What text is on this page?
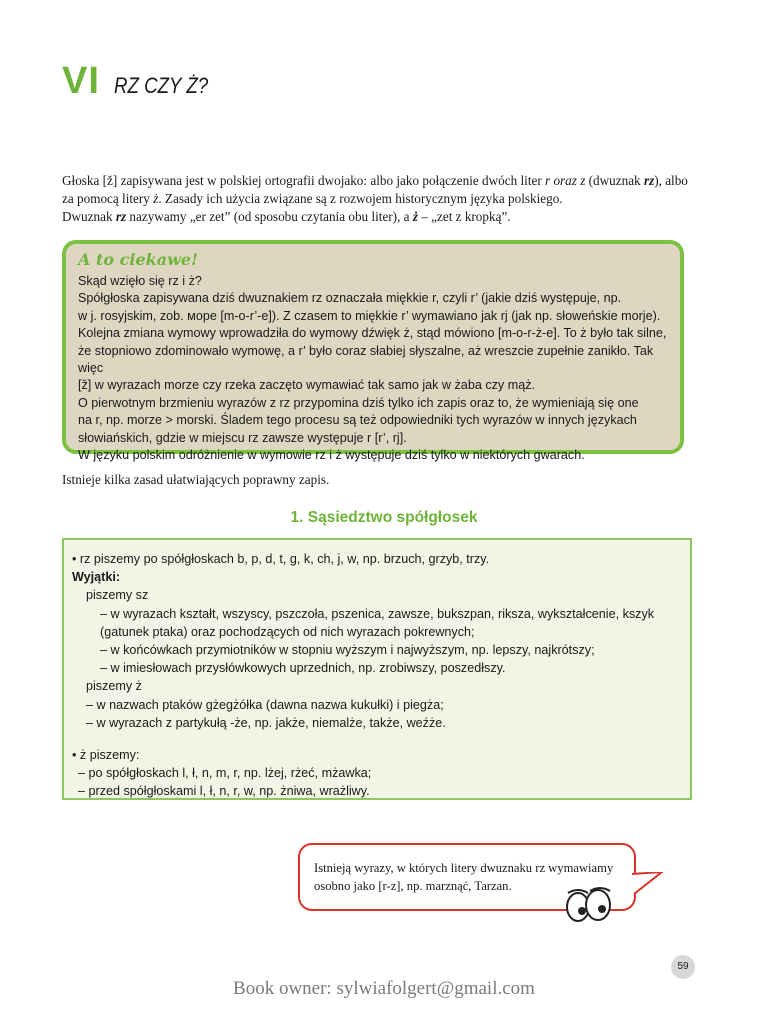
VI RZ CZY Ż?

Głoska [ž] zapisywana jest w polskiej ortografii dwojako: albo jako połączenie dwóch liter r oraz z (dwuznak rz), albo

za pomocą litery ż. Zasady ich użycia związane są z rozwojem historycznym języka polskiego.

Dwuznak rz nazywamy „er zet” (od sposobu czytania obu liter), a ż – „zet z kropką”.

A to ciekawe!

Skąd wzięło się rz i ż?

Spółgłoska zapisywana dziś dwuznakiem rz oznaczała miękkie r, czyli r’ (jakie dziś występuje, np.

w j. rosyjskim, zob. море [m-o-r’-e]). Z czasem to miękkie r’ wymawiano jak rj (jak np. słoweńskie morje).

Kolejna zmiana wymowy wprowadziła do wymowy dźwięk ż, stąd mówiono [m-o-r-ż-e]. To ż było tak silne,

że stopniowo zdominowało wymowę, a r’ było coraz słabiej słyszalne, aż wreszcie zupełnie zanikło. Tak więc

[ž] w wyrazach morze czy rzeka zaczęto wymawiać tak samo jak w żaba czy mąż.

O pierwotnym brzmieniu wyrazów z rz przypomina dziś tylko ich zapis oraz to, że wymieniają się one

na r, np. morze > morski. Śladem tego procesu są też odpowiedniki tych wyrazów w innych językach

słowiańskich, gdzie w miejscu rz zawsze występuje r [r’, rj].

W języku polskim odróżnienie w wymowie rz i ż występuje dziś tylko w niektórych gwarach.

Istnieje kilka zasad ułatwiających poprawny zapis.
1. Sąsiedztwo spółgłosek
• rz piszemy po spółgłoskach b, p, d, t, g, k, ch, j, w, np. brzuch, grzyb, trzy.
Wyjątki:
piszemy sz
– w wyrazach kształt, wszyscy, pszczoła, pszenica, zawsze, bukszpan, riksza, wykształcenie, kszyk (gatunek ptaka) oraz pochodzących od nich wyrazach pokrewnych;
– w końcówkach przymiotników w stopniu wyższym i najwyższym, np. lepszy, najkrótszy;
– w imiesłowach przysłówkowych uprzednich, np. zrobiwszy, poszedłszy.
piszemy ż
– w nazwach ptaków gżegżółka (dawna nazwa kukułki) i piegża;
– w wyrazach z partykułą -że, np. jakże, niemalże, także, weźże.
• ż piszemy:
– po spółgłoskach l, ł, n, m, r, np. lżej, rżeć, mżawka;
– przed spółgłoskami l, ł, n, r, w, np. żniwa, wrażliwy.
Istnieją wyrazy, w których litery dwuznaku rz wymawiamy
osobno jako [r-z], np. marznąć, Tarzan.
59
Book owner: sylwiafolgert@gmail.com
